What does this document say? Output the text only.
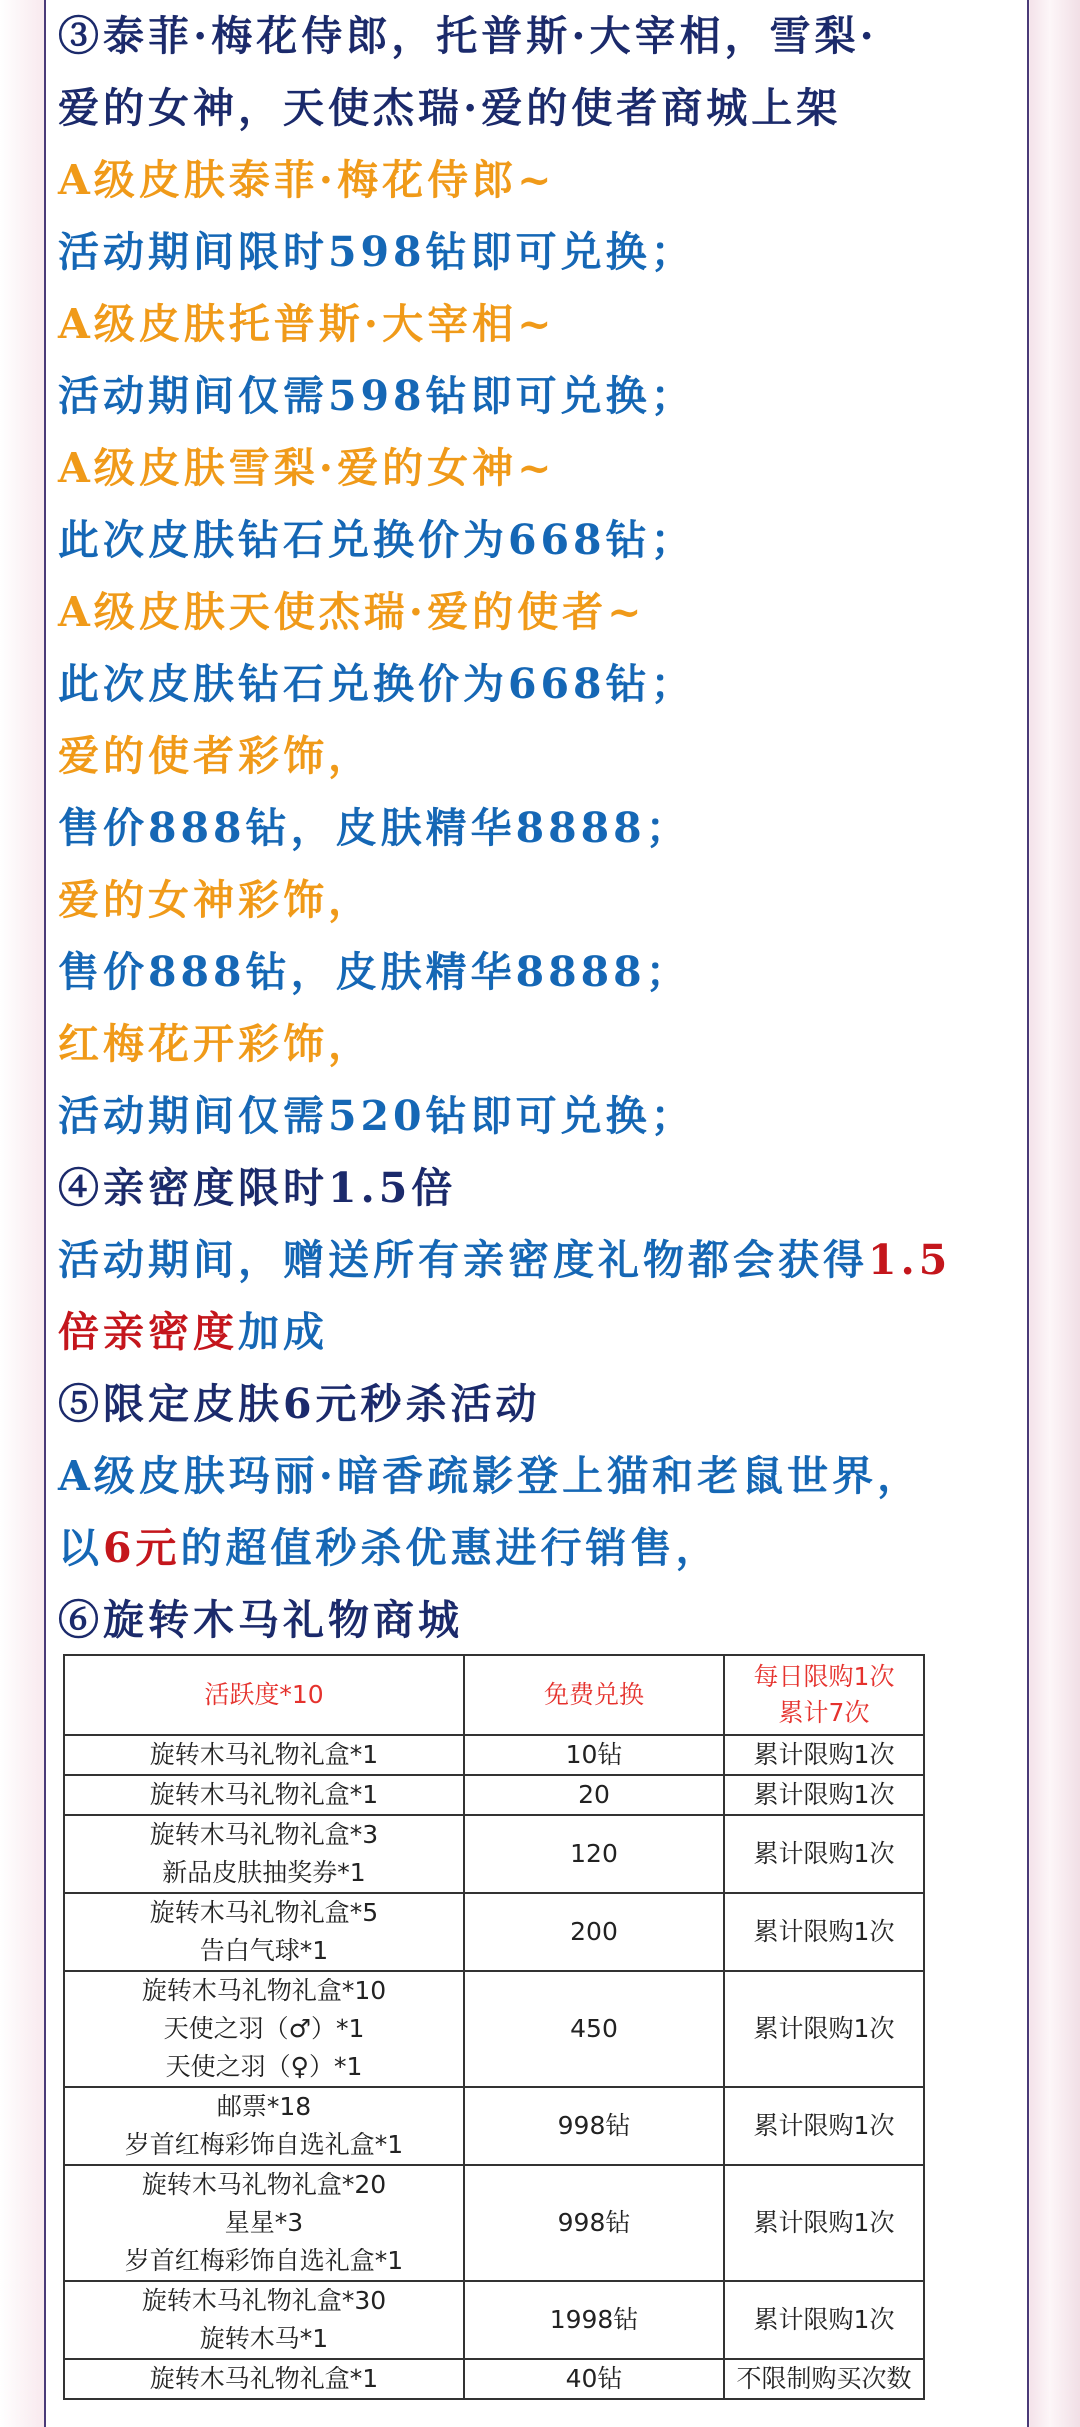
③泰菲·梅花侍郎，托普斯·大宰相，雪梨·
爱的女神，天使杰瑞·爱的使者商城上架
A级皮肤泰菲·梅花侍郎~
活动期间限时598钻即可兑换；
A级皮肤托普斯·大宰相~
活动期间仅需598钻即可兑换；
A级皮肤雪梨·爱的女神~
此次皮肤钻石兑换价为668钻；
A级皮肤天使杰瑞·爱的使者~
此次皮肤钻石兑换价为668钻；
爱的使者彩饰，
售价888钻，皮肤精华8888；
爱的女神彩饰，
售价888钻，皮肤精华8888；
红梅花开彩饰，
活动期间仅需520钻即可兑换；
④亲密度限时1.5倍
活动期间，赠送所有亲密度礼物都会获得1.5
倍亲密度加成
⑤限定皮肤6元秒杀活动
A级皮肤玛丽·暗香疏影登上猫和老鼠世界，
以6元的超值秒杀优惠进行销售，
⑥旋转木马礼物商城
活跃度*10	免费兑换	每日限购1次
累计7次

旋转木马礼物礼盒*1	10钻	累计限购1次

旋转木马礼物礼盒*1	20	累计限购1次

旋转木马礼物礼盒*3
新品皮肤抽奖券*1	120	累计限购1次

旋转木马礼物礼盒*5
告白气球*1	200	累计限购1次

旋转木马礼物礼盒*10
天使之羽（♂）*1
天使之羽（♀）*1	450	累计限购1次

邮票*18
岁首红梅彩饰自选礼盒*1	998钻	累计限购1次

旋转木马礼物礼盒*20
星星*3
岁首红梅彩饰自选礼盒*1	998钻	累计限购1次

旋转木马礼物礼盒*30
旋转木马*1	1998钻	累计限购1次

旋转木马礼物礼盒*1	40钻	不限制购买次数
